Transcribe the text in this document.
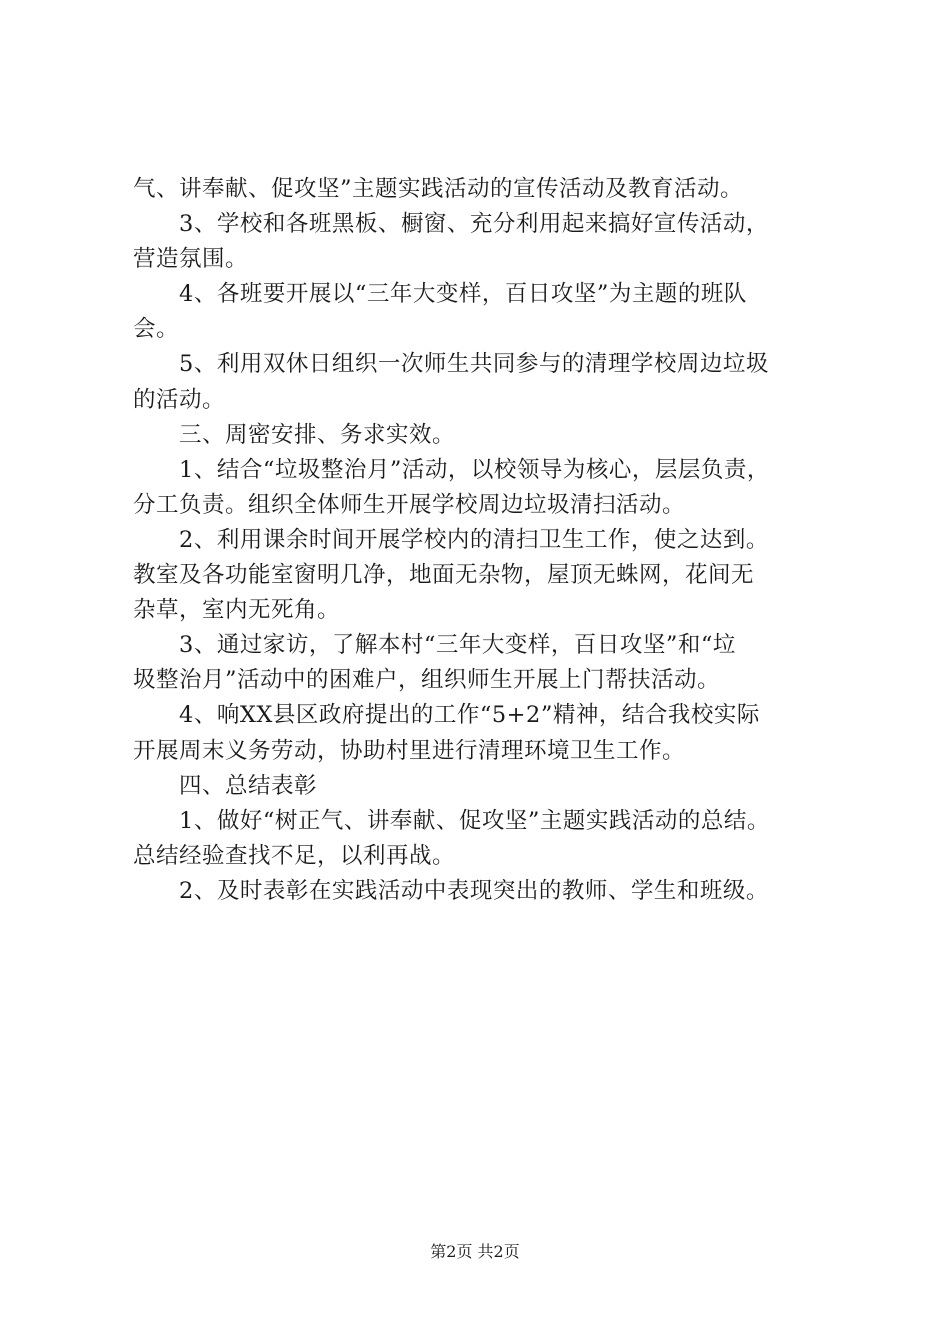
气、讲奉献、促攻坚”主题实践活动的宣传活动及教育活动。
3、学校和各班黑板、橱窗、充分利用起来搞好宣传活动，
营造氛围。
4、各班要开展以“三年大变样，百日攻坚”为主题的班队
会。
5、利用双休日组织一次师生共同参与的清理学校周边垃圾
的活动。
三、周密安排、务求实效。
1、结合“垃圾整治月”活动，以校领导为核心，层层负责，
分工负责。组织全体师生开展学校周边垃圾清扫活动。
2、利用课余时间开展学校内的清扫卫生工作，使之达到。
教室及各功能室窗明几净，地面无杂物，屋顶无蛛网，花间无
杂草，室内无死角。
3、通过家访，了解本村“三年大变样，百日攻坚”和“垃
圾整治月”活动中的困难户，组织师生开展上门帮扶活动。
4、响XX县区政府提出的工作“5+2”精神，结合我校实际
开展周末义务劳动，协助村里进行清理环境卫生工作。
四、总结表彰
1、做好“树正气、讲奉献、促攻坚”主题实践活动的总结。
总结经验查找不足，以利再战。
2、及时表彰在实践活动中表现突出的教师、学生和班级。
第2页 共2页
